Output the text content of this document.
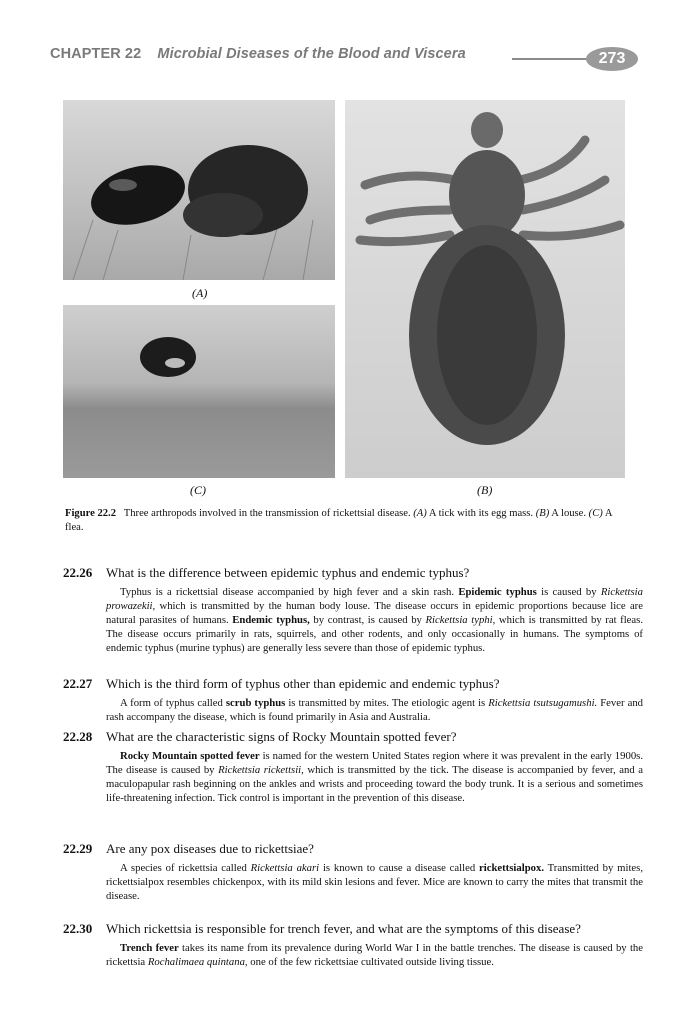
CHAPTER 22 Microbial Diseases of the Blood and Viscera	273
(A)
(C)	(B)
Figure 22.2 Three arthropods involved in the transmission of rickettsial disease. (A) A tick with its egg mass. (B) A louse. (C) A flea.
22.26	What is the difference between epidemic typhus and endemic typhus?
Typhus is a rickettsial disease accompanied by high fever and a skin rash. Epidemic typhus is caused by Rickettsia prowazekii, which is transmitted by the human body louse. The disease occurs in epidemic proportions because lice are natural parasites of humans. Endemic typhus, by contrast, is caused by Rickettsia typhi, which is transmitted by rat fleas. The disease occurs primarily in rats, squirrels, and other rodents, and only occasionally in humans. The symptoms of endemic typhus (murine typhus) are generally less severe than those of epidemic typhus.
22.27	Which is the third form of typhus other than epidemic and endemic typhus?
A form of typhus called scrub typhus is transmitted by mites. The etiologic agent is Rickettsia tsutsugamushi. Fever and rash accompany the disease, which is found primarily in Asia and Australia.
22.28	What are the characteristic signs of Rocky Mountain spotted fever?
Rocky Mountain spotted fever is named for the western United States region where it was prevalent in the early 1900s. The disease is caused by Rickettsia rickettsii, which is transmitted by the tick. The disease is accompanied by fever, and a maculopapular rash beginning on the ankles and wrists and proceeding toward the body trunk. It is a serious and sometimes life-threatening infection. Tick control is important in the prevention of this disease.
22.29	Are any pox diseases due to rickettsiae?
A species of rickettsia called Rickettsia akari is known to cause a disease called rickettsialpox. Transmitted by mites, rickettsialpox resembles chickenpox, with its mild skin lesions and fever. Mice are known to carry the mites that transmit the disease.
22.30	Which rickettsia is responsible for trench fever, and what are the symptoms of this disease?
Trench fever takes its name from its prevalence during World War I in the battle trenches. The disease is caused by the rickettsia Rochalimaea quintana, one of the few rickettsiae cultivated outside living tissue.
